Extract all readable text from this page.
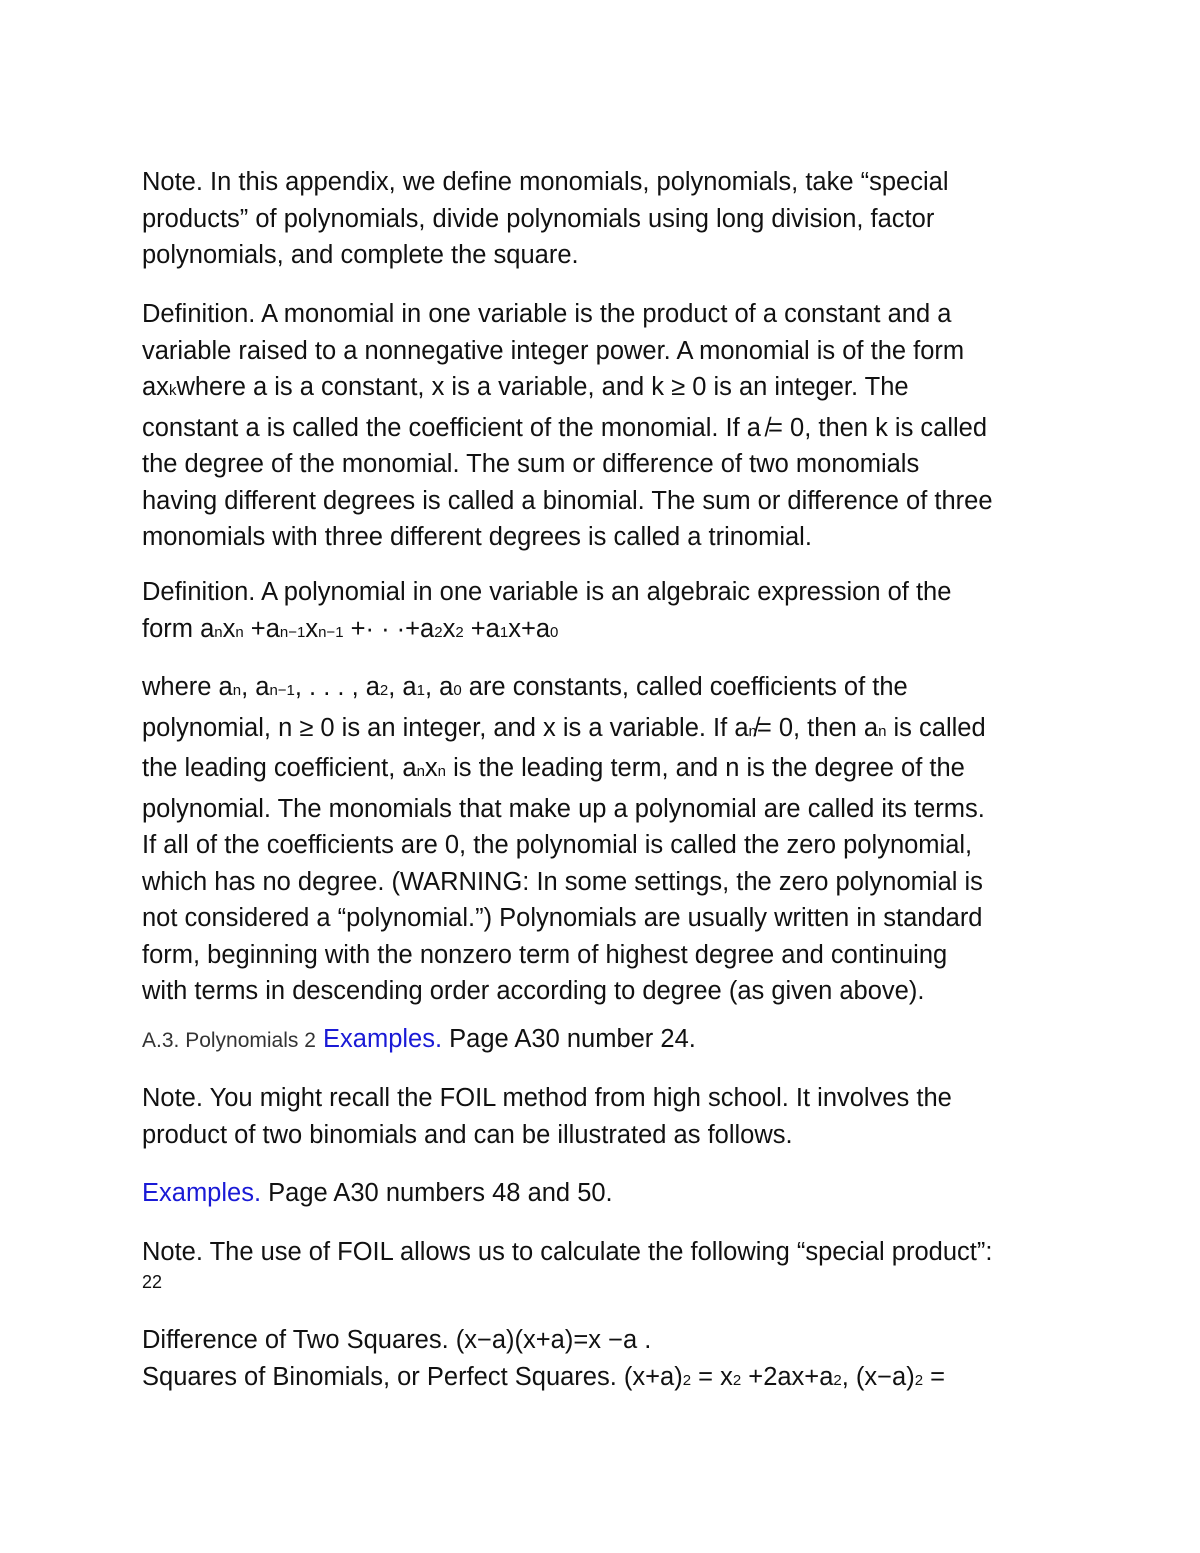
Note. In this appendix, we define monomials, polynomials, take “special
products” of polynomials, divide polynomials using long division, factor
polynomials, and complete the square.
Definition. A monomial in one variable is the product of a constant and a
variable raised to a nonnegative integer power. A monomial is of the form
axkwhere a is a constant, x is a variable, and k ≥ 0 is an integer. The
constant a is called the coefficient of the monomial. If a ̸= 0, then k is called
the degree of the monomial. The sum or difference of two monomials
having different degrees is called a binomial. The sum or difference of three
monomials with three different degrees is called a trinomial.
Definition. A polynomial in one variable is an algebraic expression of the
form anxn +an−1xn−1 +· · ·+a2x2 +a1x+a0
where an, an−1, . . . , a2, a1, a0 are constants, called coefficients of the
polynomial, n ≥ 0 is an integer, and x is a variable. If an̸= 0, then an is called
the leading coefficient, anxn is the leading term, and n is the degree of the
polynomial. The monomials that make up a polynomial are called its terms.
If all of the coefficients are 0, the polynomial is called the zero polynomial,
which has no degree. (WARNING: In some settings, the zero polynomial is
not considered a “polynomial.”) Polynomials are usually written in standard
form, beginning with the nonzero term of highest degree and continuing
with terms in descending order according to degree (as given above).
A.3. Polynomials 2 Examples. Page A30 number 24.
Note. You might recall the FOIL method from high school. It involves the
product of two binomials and can be illustrated as follows.
Examples. Page A30 numbers 48 and 50.
Note. The use of FOIL allows us to calculate the following “special product”:
22
Difference of Two Squares. (x−a)(x+a)=x −a .
Squares of Binomials, or Perfect Squares. (x+a)2 = x2 +2ax+a2, (x−a)2 =
